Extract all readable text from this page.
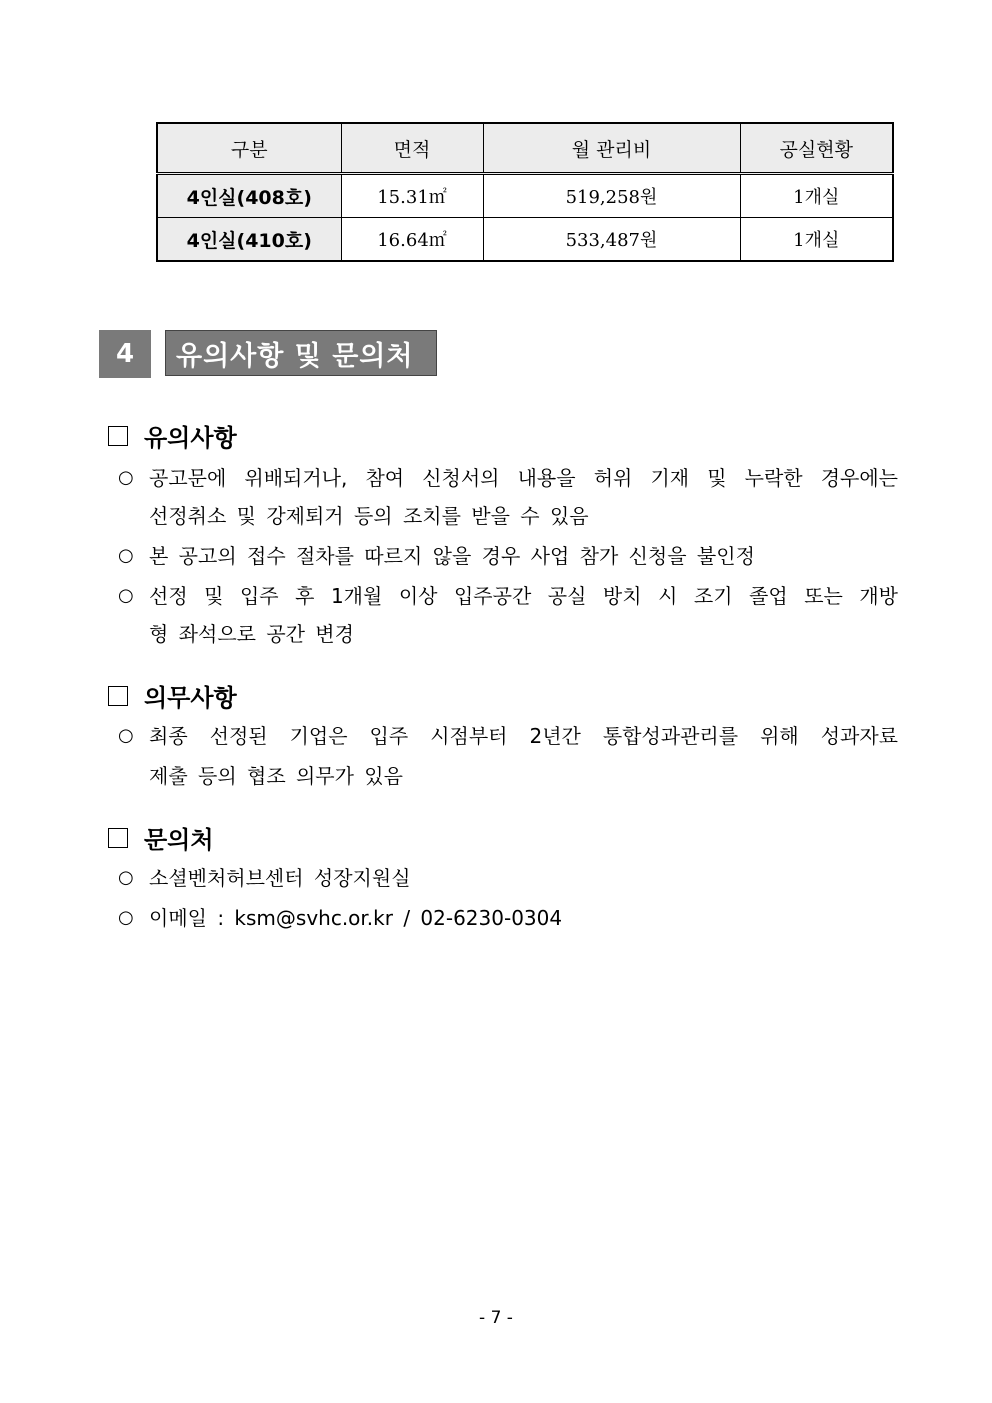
구분	면적	월 관리비	공실현황
4인실(408호)	15.31㎡	519,258원	1개실
4인실(410호)	16.64㎡	533,487원	1개실
4	유의사항 및 문의처
유의사항
○ 공고문에 위배되거나, 참여 신청서의 내용을 허위 기재 및 누락한 경우에는
선정취소 및 강제퇴거 등의 조치를 받을 수 있음
○ 본 공고의 접수 절차를 따르지 않을 경우 사업 참가 신청을 불인정
○ 선정 및 입주 후 1개월 이상 입주공간 공실 방치 시 조기 졸업 또는 개방
형 좌석으로 공간 변경
의무사항
○ 최종 선정된 기업은 입주 시점부터 2년간 통합성과관리를 위해 성과자료
제출 등의 협조 의무가 있음
문의처
○ 소셜벤처허브센터 성장지원실
○ 이메일 : ksm@svhc.or.kr / 02-6230-0304
- 7 -
